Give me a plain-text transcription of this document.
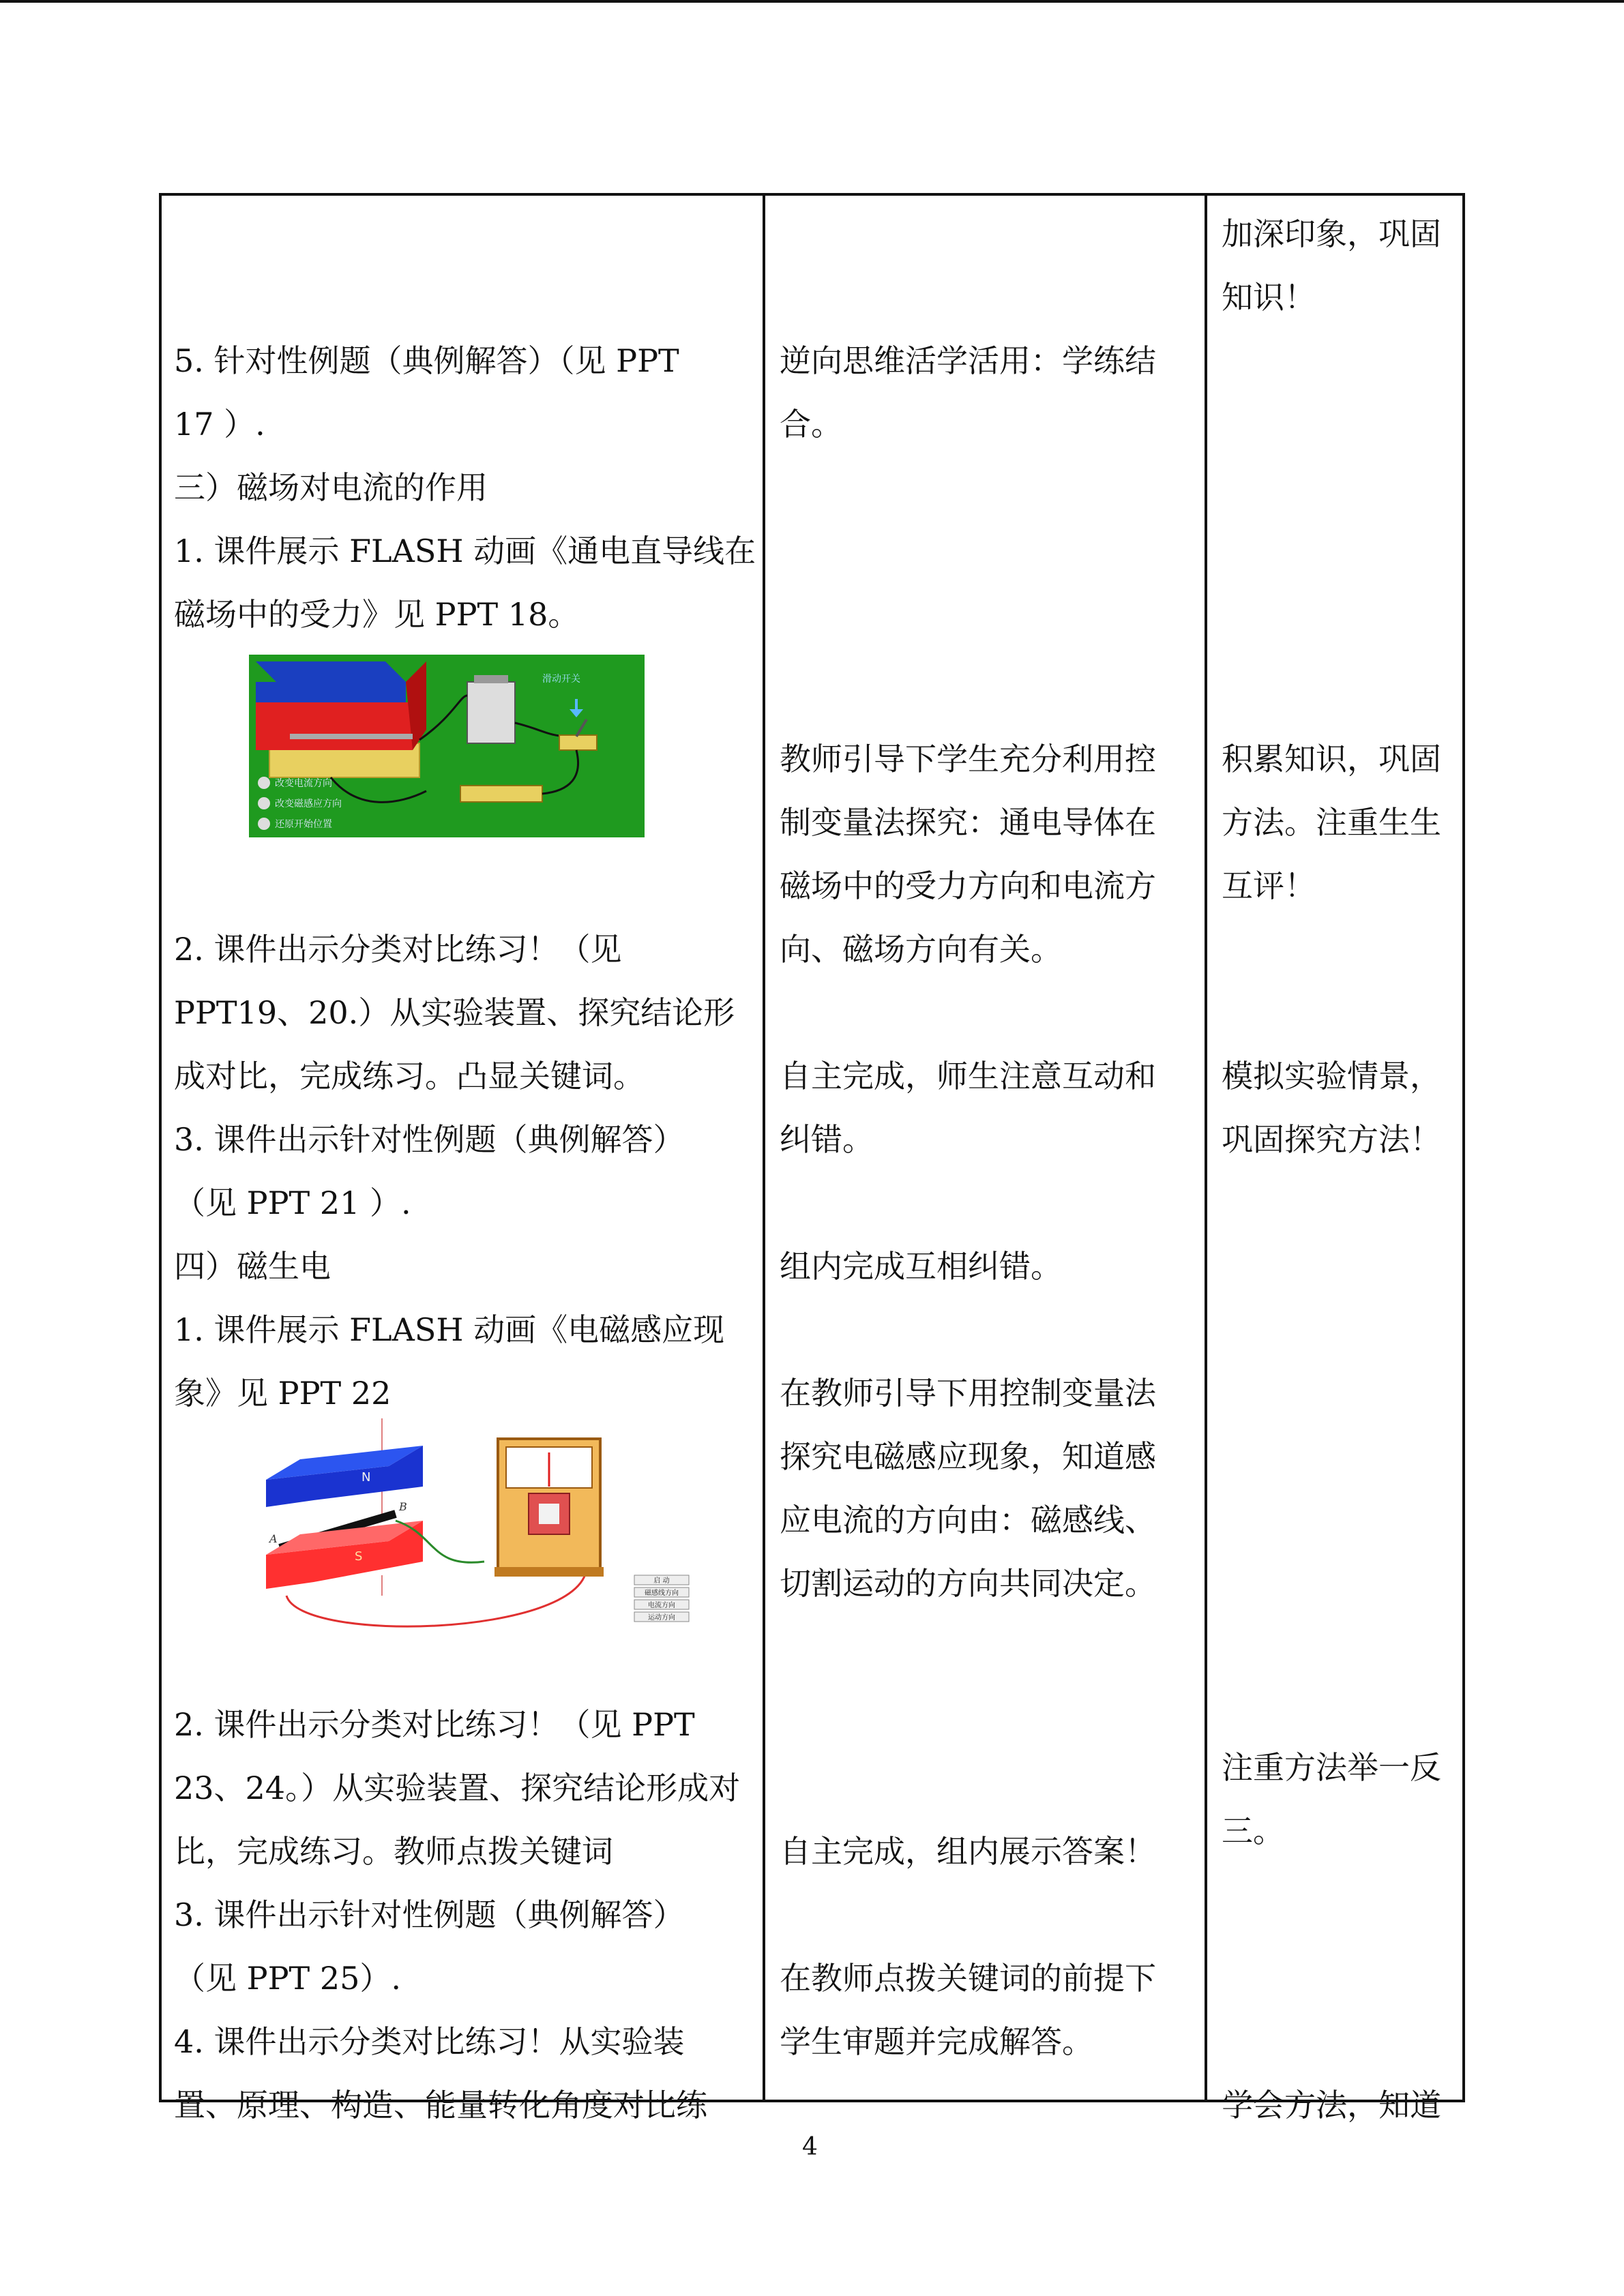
5. 针对性例题（典例解答）（见 PPT
17 ）.
三）磁场对电流的作用
1. 课件展示 FLASH 动画《通电直导线在
磁场中的受力》见 PPT 18。
2. 课件出示分类对比练习！（见
PPT19、20.）从实验装置、探究结论形
成对比，完成练习。凸显关键词。
3. 课件出示针对性例题（典例解答）
（见 PPT 21 ）.
四）磁生电
1. 课件展示 FLASH 动画《电磁感应现
象》见 PPT 22
2. 课件出示分类对比练习！（见 PPT
23、24。）从实验装置、探究结论形成对
比，完成练习。教师点拨关键词
3. 课件出示针对性例题（典例解答）
（见 PPT 25）.
4. 课件出示分类对比练习！从实验装
置、原理、构造、能量转化角度对比练
逆向思维活学活用：学练结
合。
教师引导下学生充分利用控
制变量法探究：通电导体在
磁场中的受力方向和电流方
向、磁场方向有关。
自主完成，师生注意互动和
纠错。
组内完成互相纠错。
在教师引导下用控制变量法
探究电磁感应现象，知道感
应电流的方向由：磁感线、
切割运动的方向共同决定。
自主完成，组内展示答案！
在教师点拨关键词的前提下
学生审题并完成解答。
加深印象，巩固
知识！
积累知识，巩固
方法。注重生生
互评！
模拟实验情景，
巩固探究方法！
注重方法举一反
三。
学会方法，知道
滑动开关
改变电流方向
改变磁感应方向
还原开始位置
N
S
A
B
启 动
磁感线方向
电流方向
运动方向
4
